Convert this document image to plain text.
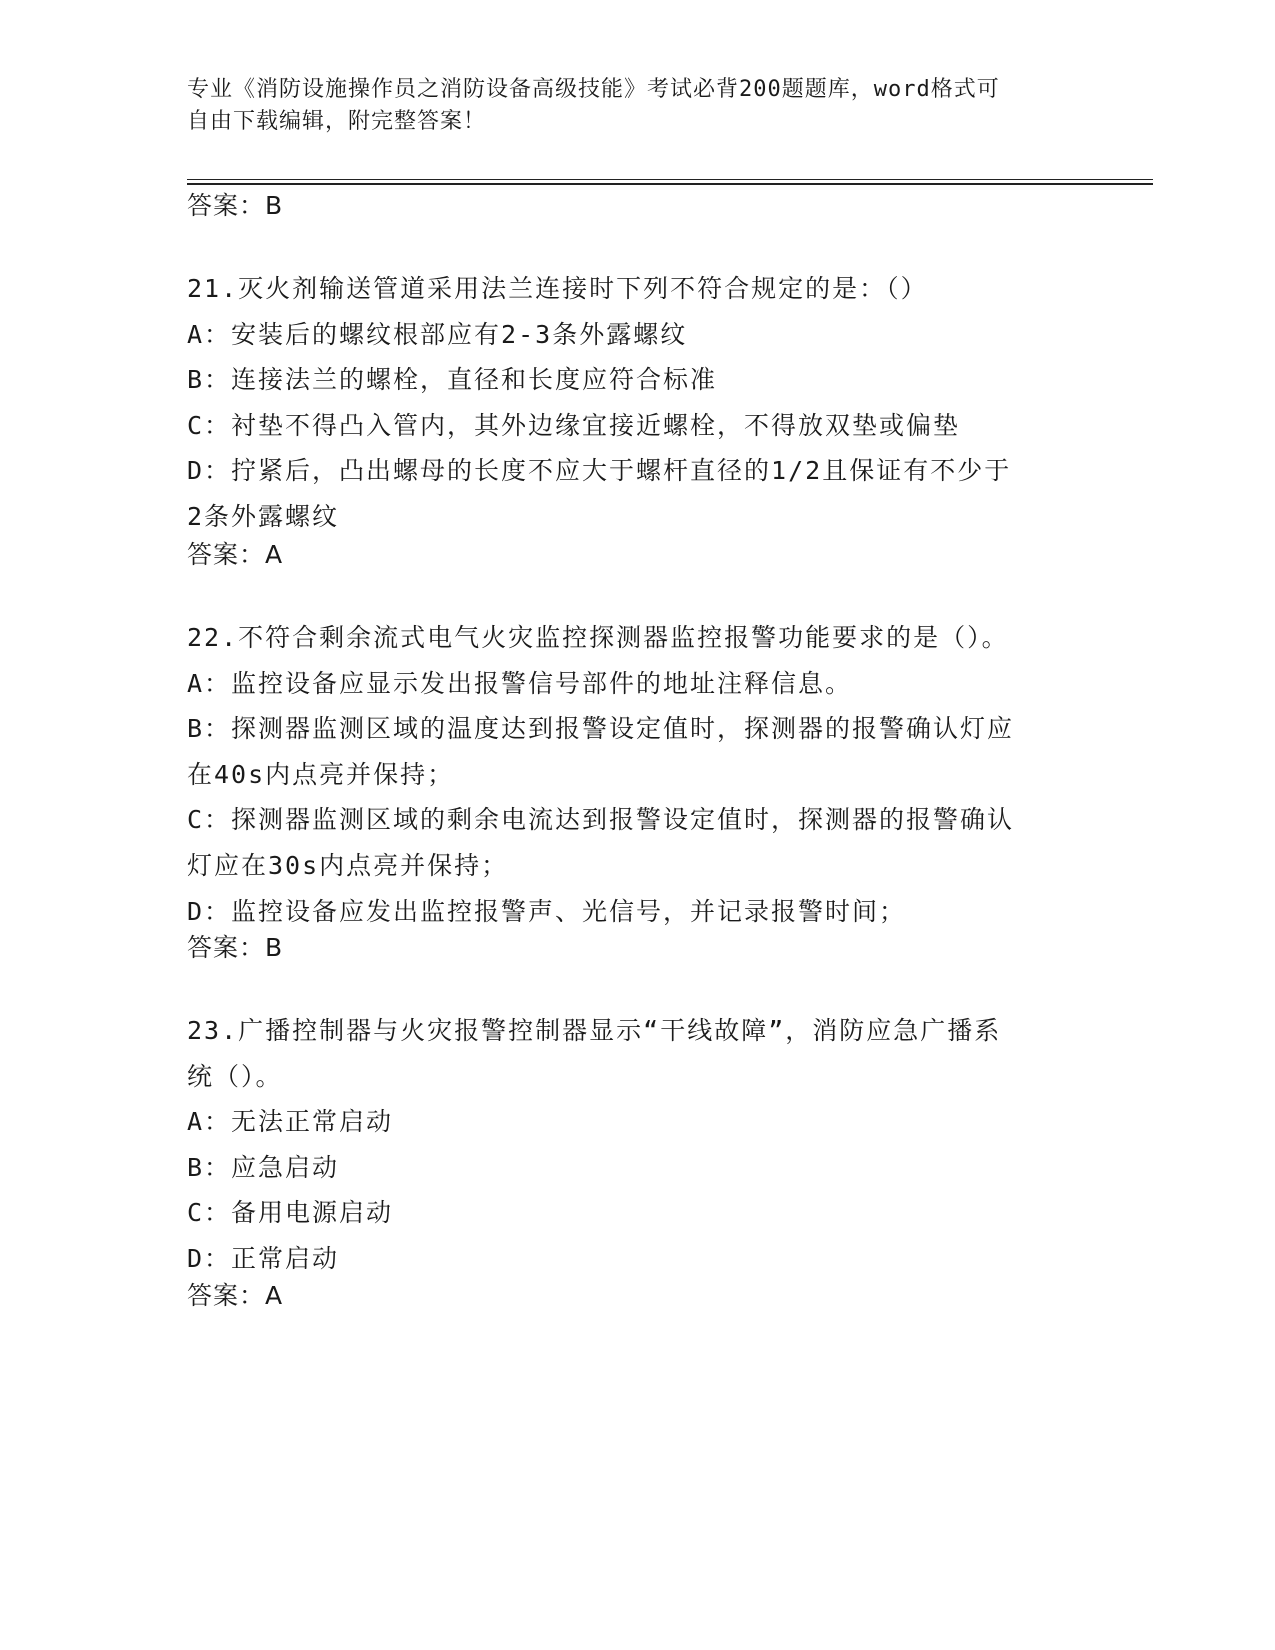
专业《消防设施操作员之消防设备高级技能》考试必背200题题库，word格式可
自由下载编辑，附完整答案！
答案：B
21.灭火剂输送管道采用法兰连接时下列不符合规定的是：（）
A：安装后的螺纹根部应有2-3条外露螺纹
B：连接法兰的螺栓，直径和长度应符合标准
C：衬垫不得凸入管内，其外边缘宜接近螺栓，不得放双垫或偏垫
D：拧紧后，凸出螺母的长度不应大于螺杆直径的1/2且保证有不少于
2条外露螺纹
答案：A
22.不符合剩余流式电气火灾监控探测器监控报警功能要求的是（）。
A：监控设备应显示发出报警信号部件的地址注释信息。
B：探测器监测区域的温度达到报警设定值时，探测器的报警确认灯应
在40s内点亮并保持；
C：探测器监测区域的剩余电流达到报警设定值时，探测器的报警确认
灯应在30s内点亮并保持；
D：监控设备应发出监控报警声、光信号，并记录报警时间；
答案：B
23.广播控制器与火灾报警控制器显示“干线故障”，消防应急广播系
统（）。
A：无法正常启动
B：应急启动
C：备用电源启动
D：正常启动
答案：A
